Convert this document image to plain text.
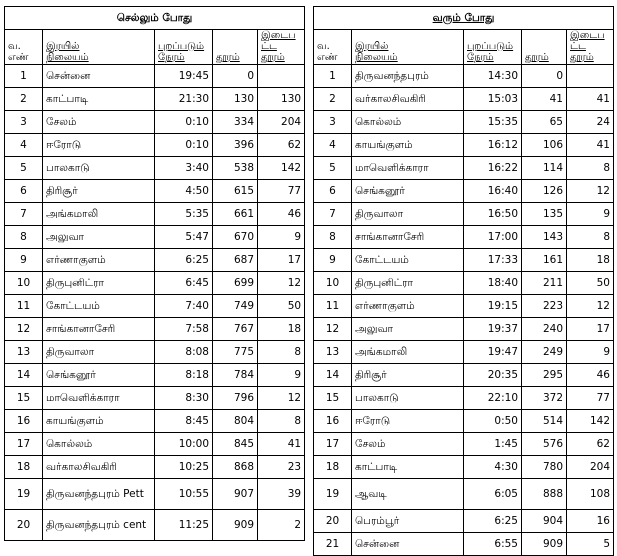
செல்லும் போது				
வ.
எண்	இரயில்
நிலையம்	புறப்படும்
நேரம்	தூரம்	இடைப
ட்ட
தூரம்
1	சென்னை	19:45	0	
2	காட்பாடி	21:30	130	130
3	சேலம்	0:10	334	204
4	ஈரோடு	0:10	396	62
5	பாலகாடு	3:40	538	142
6	திரிசூர்	4:50	615	77
7	அங்கமாலி	5:35	661	46
8	அலுவா	5:47	670	9
9	எர்ணாகுளம்	6:25	687	17
10	திருபுனிட்ரா	6:45	699	12
11	கோட்டயம்	7:40	749	50
12	சாங்கானாசேரி	7:58	767	18
13	திருவாலா	8:08	775	8
14	செங்கனூர்	8:18	784	9
15	மாவெளிக்காரா	8:30	796	12
16	காயங்குளம்	8:45	804	8
17	கொல்லம்	10:00	845	41
18	வர்காலசிவகிரி	10:25	868	23
19	திருவனந்தபுரம் Pett	10:55	907	39
20	திருவனந்தபுரம் cent	11:25	909	2
வரும் போது				
வ.
எண்	இரயில்
நிலையம்	புறப்படும்
நேரம்	தூரம்	இடைப
ட்ட
தூரம்
1	திருவனந்தபுரம்	14:30	0	
2	வர்காலசிவகிரி	15:03	41	41
3	கொல்லம்	15:35	65	24
4	காயங்குளம்	16:12	106	41
5	மாவெளிக்காரா	16:22	114	8
6	செங்கனூர்	16:40	126	12
7	திருவாலா	16:50	135	9
8	சாங்கானாசேரி	17:00	143	8
9	கோட்டயம்	17:33	161	18
10	திருபுனிட்ரா	18:40	211	50
11	எர்ணாகுளம்	19:15	223	12
12	அலுவா	19:37	240	17
13	அங்கமாலி	19:47	249	9
14	திரிசூர்	20:35	295	46
15	பாலகாடு	22:10	372	77
16	ஈரோடு	0:50	514	142
17	சேலம்	1:45	576	62
18	காட்பாடி	4:30	780	204
19	ஆவடி	6:05	888	108
20	பெரம்பூர்	6:25	904	16
21	சென்னை	6:55	909	5
